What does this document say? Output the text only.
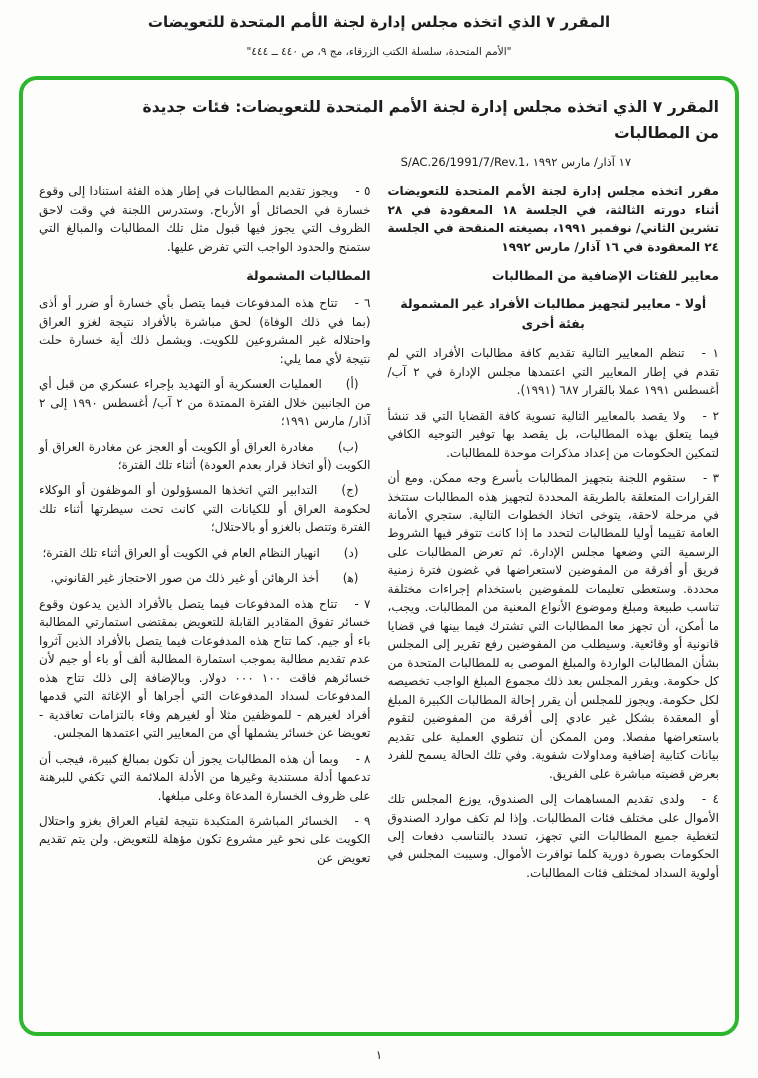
المقرر ٧ الذي اتخذه مجلس إدارة لجنة الأمم المتحدة للتعويضات
"الأمم المتحدة، سلسلة الكتب الزرقاء، مج ٩، ص ٤٤٠ ــ ٤٤٤"
المقرر ٧ الذي اتخذه مجلس إدارة لجنة الأمم المتحدة للتعويضات: فئات جديدة من المطالبات
S/AC.26/1991/7/Rev.1، ١٧ آذار/ مارس ١٩٩٢

مقرر اتخذه مجلس إدارة لجنة الأمم المتحدة للتعويضات أثناء دورته الثالثة، في الجلسة ١٨ المعقودة في ٢٨ تشرين الثاني/ نوفمبر ١٩٩١، بصيغته المنقحة في الجلسة ٢٤ المعقودة في ١٦ آذار/ مارس ١٩٩٢

معايير للفئات الإضافية من المطالبات
أولا - معايير لتجهيز مطالبات الأفراد غير المشمولة بفئة أخرى

١ -تنظم المعايير التالية تقديم كافة مطالبات الأفراد التي لم تقدم في إطار المعايير التي اعتمدها مجلس الإدارة في ٢ آب/ أغسطس ١٩٩١ عملا بالقرار ٦٨٧ (١٩٩١).

٢ -ولا يقصد بالمعايير التالية تسوية كافة القضايا التي قد تنشأ فيما يتعلق بهذه المطالبات، بل يقصد بها توفير التوجيه الكافي لتمكين الحكومات من إعداد مذكرات موحدة للمطالبات.

٣ -ستقوم اللجنة بتجهيز المطالبات بأسرع وجه ممكن. ومع أن القرارات المتعلقة بالطريقة المحددة لتجهيز هذه المطالبات ستتخذ في مرحلة لاحقة، يتوخى اتخاذ الخطوات التالية. ستجري الأمانة العامة تقييما أوليا للمطالبات لتحدد ما إذا كانت تتوفر فيها الشروط الرسمية التي وضعها مجلس الإدارة. ثم تعرض المطالبات على فريق أو أفرقة من المفوضين لاستعراضها في غضون فترة زمنية محددة. وستعطى تعليمات للمفوضين باستخدام إجراءات مختلفة تناسب طبيعة ومبلغ وموضوع الأنواع المعنية من المطالبات. ويجب، ما أمكن، أن تجهز معا المطالبات التي تشترك فيما بينها في قضايا قانونية أو وقائعية. وسيطلب من المفوضين رفع تقرير إلى المجلس بشأن المطالبات الواردة والمبلغ الموصى به للمطالبات المتحدة من كل حكومة. ويقرر المجلس بعد ذلك مجموع المبلغ الواجب تخصيصه لكل حكومة. ويجوز للمجلس أن يقرر إحالة المطالبات الكبيرة المبلغ أو المعقدة بشكل غير عادي إلى أفرقة من المفوضين لتقوم باستعراضها مفصلا. ومن الممكن أن تنطوي العملية على تقديم بيانات كتابية إضافية ومداولات شفوية. وفي تلك الحالة يسمح للفرد بعرض قضيته مباشرة على الفريق.

٤ -ولدى تقديم المساهمات إلى الصندوق، يوزع المجلس تلك الأموال على مختلف فئات المطالبات. وإذا لم تكف موارد الصندوق لتغطية جميع المطالبات التي تجهز، تسدد بالتناسب دفعات إلى الحكومات بصورة دورية كلما توافرت الأموال. وسيبت المجلس في أولوية السداد لمختلف فئات المطالبات.

٥ -ويجوز تقديم المطالبات في إطار هذه الفئة استنادا إلى وقوع خسارة في الحصائل أو الأرباح. وستدرس اللجنة في وقت لاحق الظروف التي يجوز فيها قبول مثل تلك المطالبات والمبالغ التي ستمنح والحدود الواجب التي تفرض عليها.

المطالبات المشمولة

٦ -تتاح هذه المدفوعات فيما يتصل بأي خسارة أو ضرر أو أذى (بما في ذلك الوفاة) لحق مباشرة بالأفراد نتيجة لغزو العراق واحتلاله غير المشروعين للكويت. ويشمل ذلك أية خسارة حلت نتيجة لأي مما يلي:

(أ)العمليات العسكرية أو التهديد بإجراء عسكري من قبل أي من الجانبين خلال الفترة الممتدة من ٢ آب/ أغسطس ١٩٩٠ إلى ٢ آذار/ مارس ١٩٩١؛

(ب)مغادرة العراق أو الكويت أو العجز عن مغادرة العراق أو الكويت (أو اتخاذ قرار بعدم العودة) أثناء تلك الفترة؛

(ج)التدابير التي اتخذها المسؤولون أو الموظفون أو الوكلاء لحكومة العراق أو للكيانات التي كانت تحت سيطرتها أثناء تلك الفترة وتتصل بالغزو أو بالاحتلال؛

(د)انهيار النظام العام في الكويت أو العراق أثناء تلك الفترة؛

(ﻫ)أخذ الرهائن أو غير ذلك من صور الاحتجاز غير القانوني.

٧ -تتاح هذه المدفوعات فيما يتصل بالأفراد الذين يدعون وقوع خسائر تفوق المقادير القابلة للتعويض بمقتضى استمارتي المطالبة باء أو جيم. كما تتاح هذه المدفوعات فيما يتصل بالأفراد الذين آثروا عدم تقديم مطالبة بموجب استمارة المطالبة ألف أو باء أو جيم لأن خسائرهم فاقت ١٠٠ ٠٠٠ دولار. وبالإضافة إلى ذلك تتاح هذه المدفوعات لسداد المدفوعات التي أجراها أو الإغاثة التي قدمها أفراد لغيرهم - للموظفين مثلا أو لغيرهم وفاء بالتزامات تعاقدية - تعويضا عن خسائر يشملها أي من المعايير التي اعتمدها المجلس.

٨ -وبما أن هذه المطالبات يجوز أن تكون بمبالغ كبيرة، فيجب أن تدعمها أدلة مستندية وغيرها من الأدلة الملائمة التي تكفي للبرهنة على ظروف الخسارة المدعاة وعلى مبلغها.

٩ -الخسائر المباشرة المتكبدة نتيجة لقيام العراق بغزو واحتلال الكويت على نحو غير مشروع تكون مؤهلة للتعويض. ولن يتم تقديم تعويض عن

١
